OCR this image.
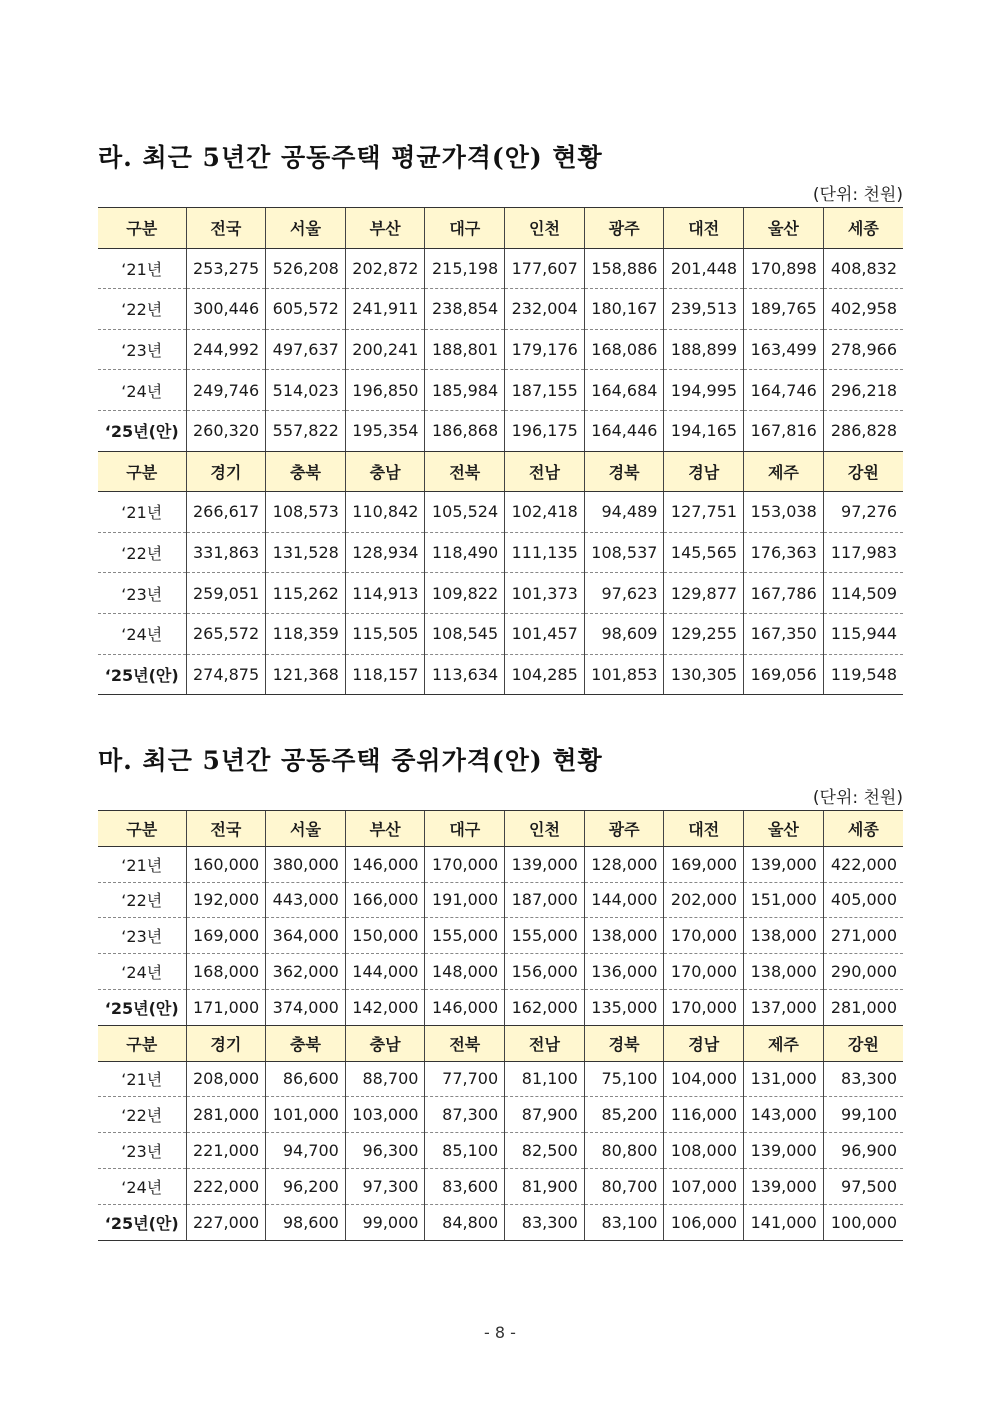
라. 최근 5년간 공동주택 평균가격(안) 현황
(단위: 천원)
구분	전국	서울	부산	대구	인천	광주	대전	울산	세종
‘21년	253,275	526,208	202,872	215,198	177,607	158,886	201,448	170,898	408,832
‘22년	300,446	605,572	241,911	238,854	232,004	180,167	239,513	189,765	402,958
‘23년	244,992	497,637	200,241	188,801	179,176	168,086	188,899	163,499	278,966
‘24년	249,746	514,023	196,850	185,984	187,155	164,684	194,995	164,746	296,218
‘25년(안)	260,320	557,822	195,354	186,868	196,175	164,446	194,165	167,816	286,828
구분	경기	충북	충남	전북	전남	경북	경남	제주	강원
‘21년	266,617	108,573	110,842	105,524	102,418	94,489	127,751	153,038	97,276
‘22년	331,863	131,528	128,934	118,490	111,135	108,537	145,565	176,363	117,983
‘23년	259,051	115,262	114,913	109,822	101,373	97,623	129,877	167,786	114,509
‘24년	265,572	118,359	115,505	108,545	101,457	98,609	129,255	167,350	115,944
‘25년(안)	274,875	121,368	118,157	113,634	104,285	101,853	130,305	169,056	119,548
마. 최근 5년간 공동주택 중위가격(안) 현황
(단위: 천원)
구분	전국	서울	부산	대구	인천	광주	대전	울산	세종
‘21년	160,000	380,000	146,000	170,000	139,000	128,000	169,000	139,000	422,000
‘22년	192,000	443,000	166,000	191,000	187,000	144,000	202,000	151,000	405,000
‘23년	169,000	364,000	150,000	155,000	155,000	138,000	170,000	138,000	271,000
‘24년	168,000	362,000	144,000	148,000	156,000	136,000	170,000	138,000	290,000
‘25년(안)	171,000	374,000	142,000	146,000	162,000	135,000	170,000	137,000	281,000
구분	경기	충북	충남	전북	전남	경북	경남	제주	강원
‘21년	208,000	86,600	88,700	77,700	81,100	75,100	104,000	131,000	83,300
‘22년	281,000	101,000	103,000	87,300	87,900	85,200	116,000	143,000	99,100
‘23년	221,000	94,700	96,300	85,100	82,500	80,800	108,000	139,000	96,900
‘24년	222,000	96,200	97,300	83,600	81,900	80,700	107,000	139,000	97,500
‘25년(안)	227,000	98,600	99,000	84,800	83,300	83,100	106,000	141,000	100,000
- 8 -
